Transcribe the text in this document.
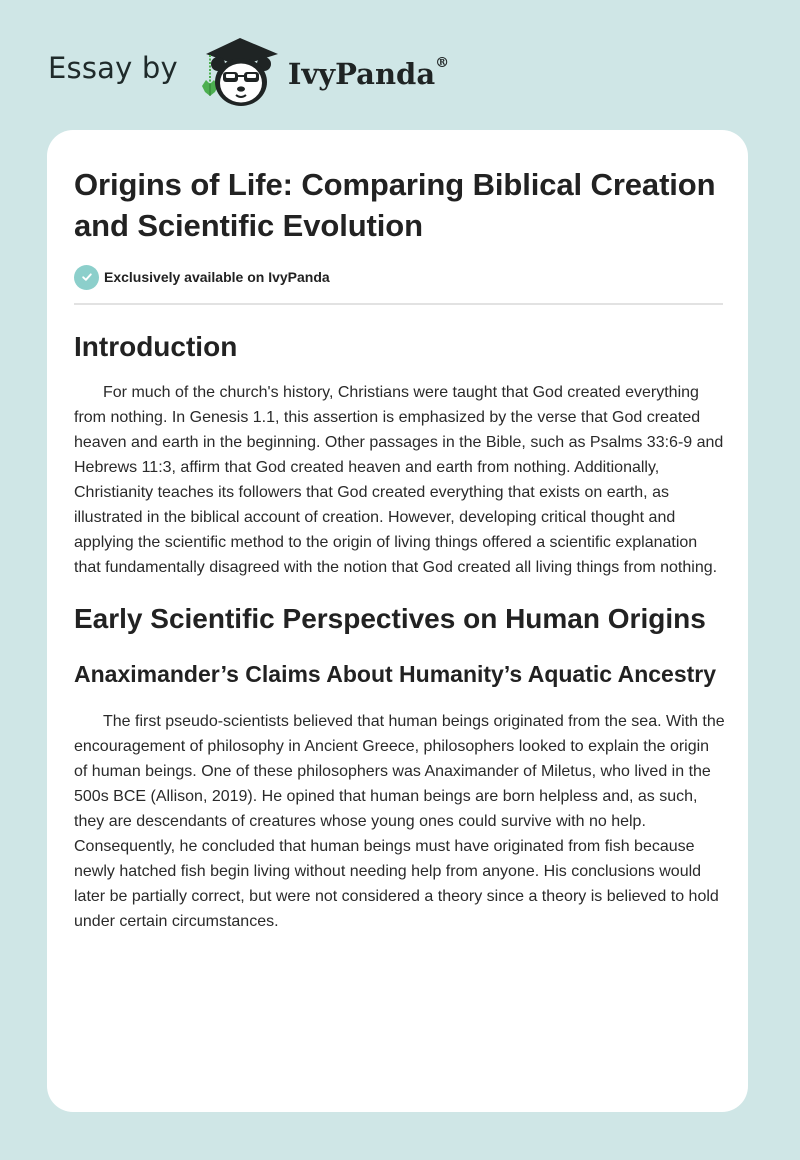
Essay by	IvyPanda®
Origins of Life: Comparing Biblical Creation and Scientific Evolution
Exclusively available on IvyPanda
Introduction

For much of the church's history, Christians were taught that God created everything from nothing. In Genesis 1.1, this assertion is emphasized by the verse that God created heaven and earth in the beginning. Other passages in the Bible, such as Psalms 33:6-9 and Hebrews 11:3, affirm that God created heaven and earth from nothing. Additionally, Christianity teaches its followers that God created everything that exists on earth, as illustrated in the biblical account of creation. However, developing critical thought and applying the scientific method to the origin of living things offered a scientific explanation that fundamentally disagreed with the notion that God created all living things from nothing.

Early Scientific Perspectives on Human Origins
Anaximander’s Claims About Humanity’s Aquatic Ancestry

The first pseudo-scientists believed that human beings originated from the sea. With the encouragement of philosophy in Ancient Greece, philosophers looked to explain the origin of human beings. One of these philosophers was Anaximander of Miletus, who lived in the 500s BCE (Allison, 2019). He opined that human beings are born helpless and, as such, they are descendants of creatures whose young ones could survive with no help. Consequently, he concluded that human beings must have originated from fish because newly hatched fish begin living without needing help from anyone. His conclusions would later be partially correct, but were not considered a theory since a theory is believed to hold under certain circumstances.
